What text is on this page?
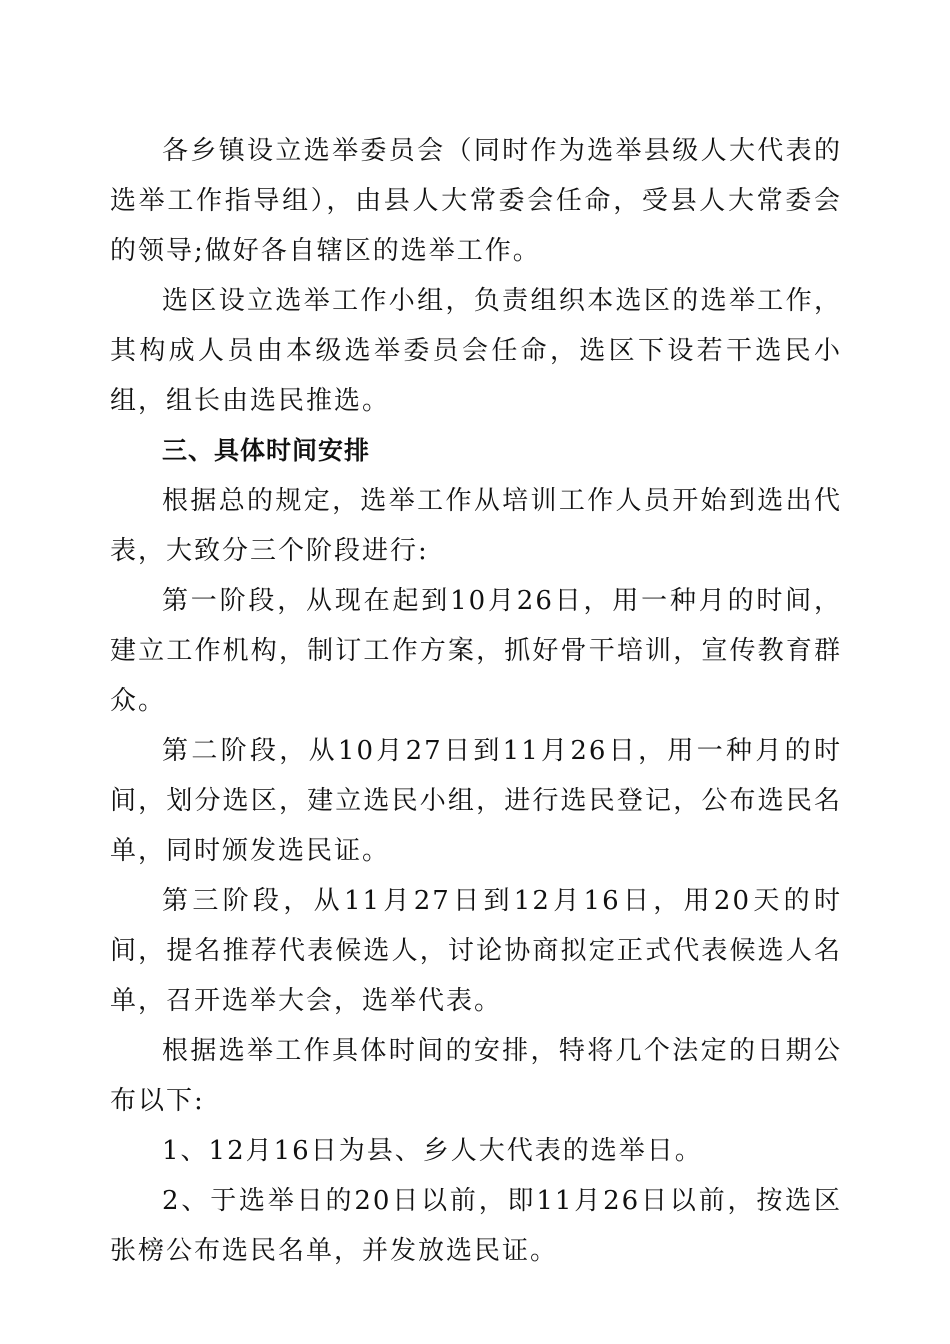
各乡镇设立选举委员会（同时作为选举县级人大代表的选举工作指导组），由县人大常委会任命，受县人大常委会的领导;做好各自辖区的选举工作。

选区设立选举工作小组，负责组织本选区的选举工作，其构成人员由本级选举委员会任命，选区下设若干选民小组，组长由选民推选。

三、具体时间安排

根据总的规定，选举工作从培训工作人员开始到选出代表，大致分三个阶段进行:

第一阶段，从现在起到10月26日，用一种月的时间，建立工作机构，制订工作方案，抓好骨干培训，宣传教育群众。

第二阶段，从10月27日到11月26日，用一种月的时间，划分选区，建立选民小组，进行选民登记，公布选民名单，同时颁发选民证。

第三阶段，从11月27日到12月16日，用20天的时间，提名推荐代表候选人，讨论协商拟定正式代表候选人名单，召开选举大会，选举代表。

根据选举工作具体时间的安排，特将几个法定的日期公布以下:

1、12月16日为县、乡人大代表的选举日。

2、于选举日的20日以前，即11月26日以前，按选区张榜公布选民名单，并发放选民证。
